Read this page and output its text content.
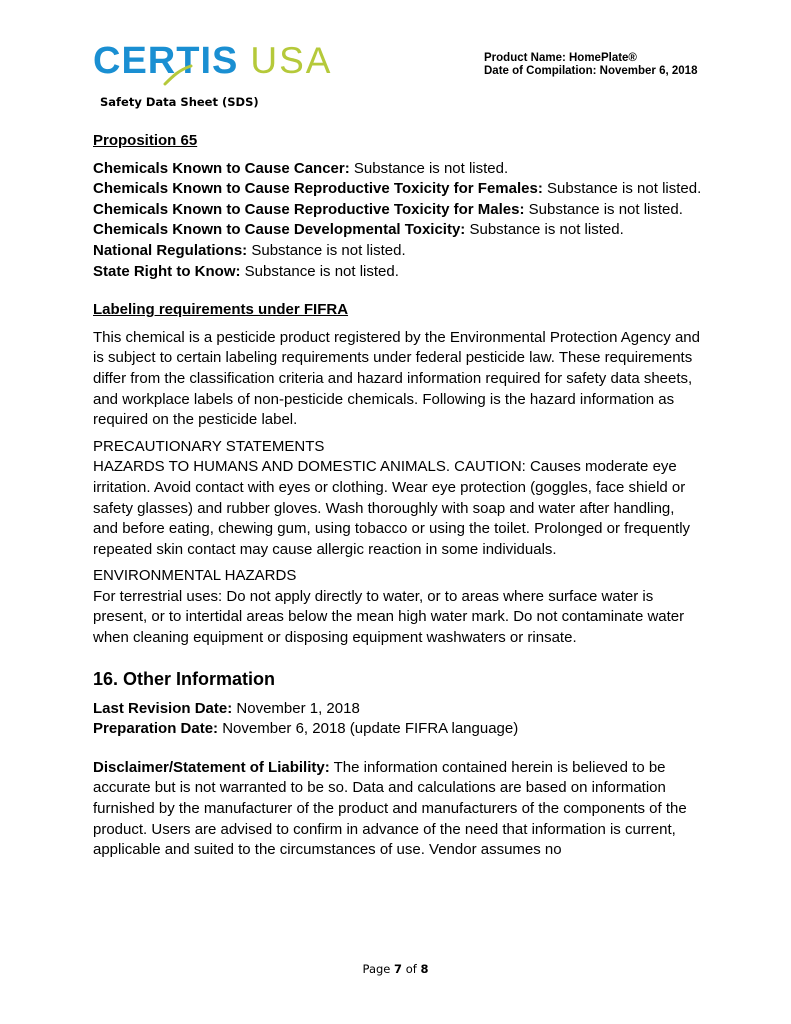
CERTIS USA
Safety Data Sheet (SDS)
Product Name: HomePlate®
Date of Compilation: November 6, 2018
Proposition 65

Chemicals Known to Cause Cancer: Substance is not listed.

Chemicals Known to Cause Reproductive Toxicity for Females: Substance is not listed.

Chemicals Known to Cause Reproductive Toxicity for Males: Substance is not listed.

Chemicals Known to Cause Developmental Toxicity: Substance is not listed.

National Regulations: Substance is not listed.

State Right to Know: Substance is not listed.

Labeling requirements under FIFRA

This chemical is a pesticide product registered by the Environmental Protection Agency and is subject to certain labeling requirements under federal pesticide law. These requirements differ from the classification criteria and hazard information required for safety data sheets, and workplace labels of non-pesticide chemicals. Following is the hazard information as required on the pesticide label.

PRECAUTIONARY STATEMENTS

HAZARDS TO HUMANS AND DOMESTIC ANIMALS. CAUTION: Causes moderate eye irritation. Avoid contact with eyes or clothing. Wear eye protection (goggles, face shield or safety glasses) and rubber gloves. Wash thoroughly with soap and water after handling, and before eating, chewing gum, using tobacco or using the toilet. Prolonged or frequently repeated skin contact may cause allergic reaction in some individuals.

ENVIRONMENTAL HAZARDS

For terrestrial uses: Do not apply directly to water, or to areas where surface water is present, or to intertidal areas below the mean high water mark. Do not contaminate water when cleaning equipment or disposing equipment washwaters or rinsate.

16. Other Information

Last Revision Date: November 1, 2018

Preparation Date: November 6, 2018 (update FIFRA language)

Disclaimer/Statement of Liability: The information contained herein is believed to be accurate but is not warranted to be so. Data and calculations are based on information furnished by the manufacturer of the product and manufacturers of the components of the product. Users are advised to confirm in advance of the need that information is current, applicable and suited to the circumstances of use. Vendor assumes no

Page 7 of 8
